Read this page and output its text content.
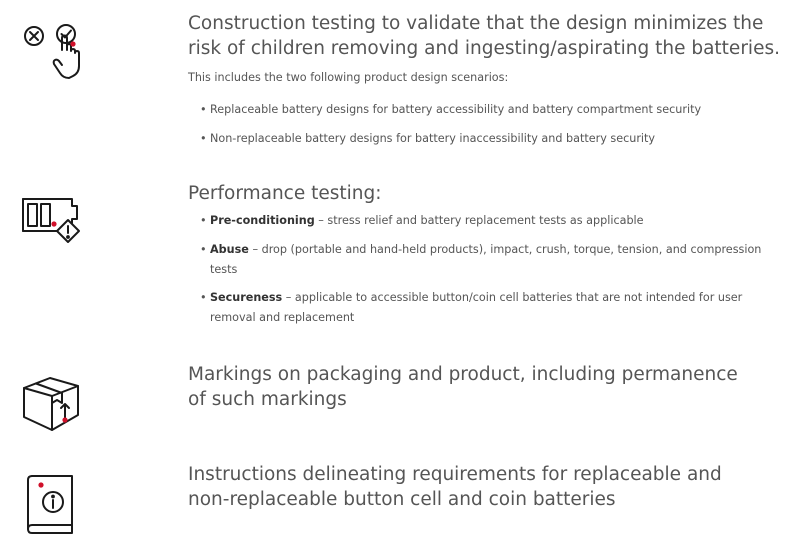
Construction testing to validate that the design minimizes the risk of children removing and ingesting/aspirating the batteries.

This includes the two following product design scenarios:

• Replaceable battery designs for battery accessibility and battery compartment security
• Non-replaceable battery designs for battery inaccessibility and battery security
Performance testing:
• Pre-conditioning – stress relief and battery replacement tests as applicable
• Abuse – drop (portable and hand-held products), impact, crush, torque, tension, and compression tests
• Secureness – applicable to accessible button/coin cell batteries that are not intended for user removal and replacement
Markings on packaging and product, including permanence of such markings
Instructions delineating requirements for replaceable and non-replaceable button cell and coin batteries
